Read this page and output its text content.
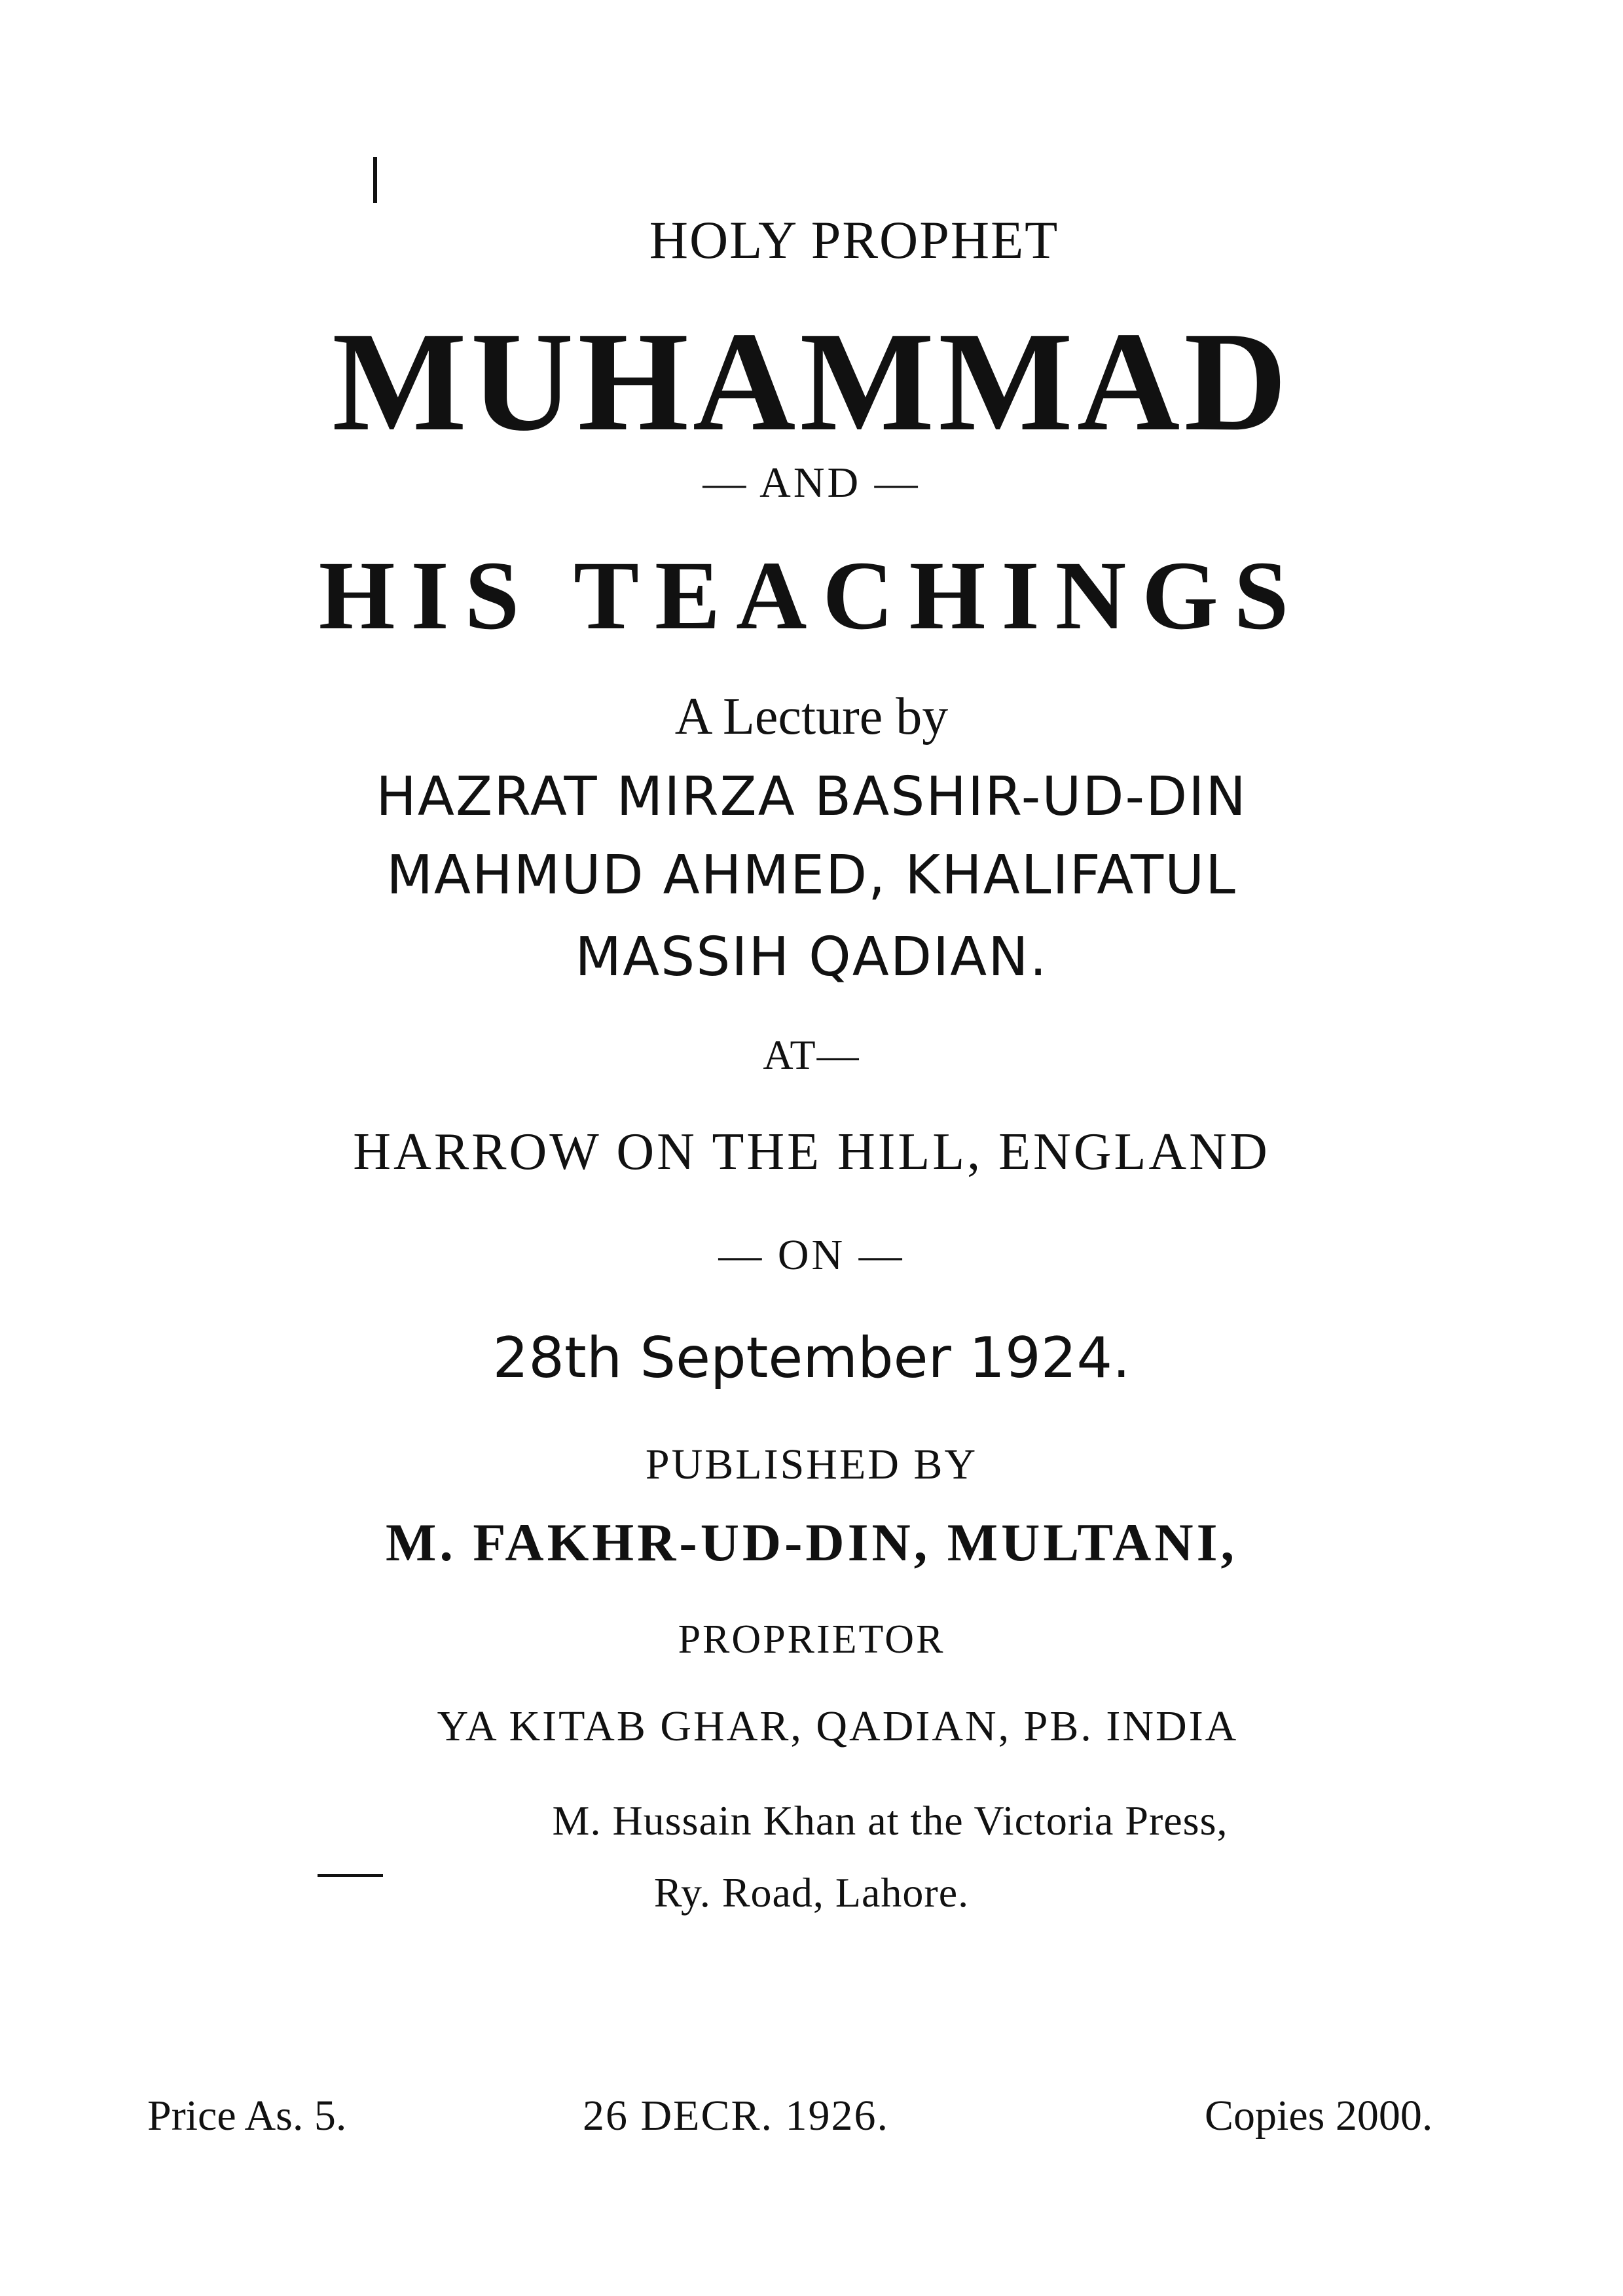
HOLY PROPHET
MUHAMMAD
— AND —
HIS TEACHINGS
A Lecture by
HAZRAT MIRZA BASHIR-UD-DIN
MAHMUD AHMED, KHALIFATUL
MASSIH QADIAN.
AT—
HARROW ON THE HILL, ENGLAND
— ON —
28th September 1924.
PUBLISHED BY
M. FAKHR-UD-DIN, MULTANI,
PROPRIETOR
YA KITAB GHAR, QADIAN, PB. INDIA
M. Hussain Khan at the Victoria Press,
Ry. Road, Lahore.
Price As. 5.	26 DECR. 1926.	Copies 2000.
